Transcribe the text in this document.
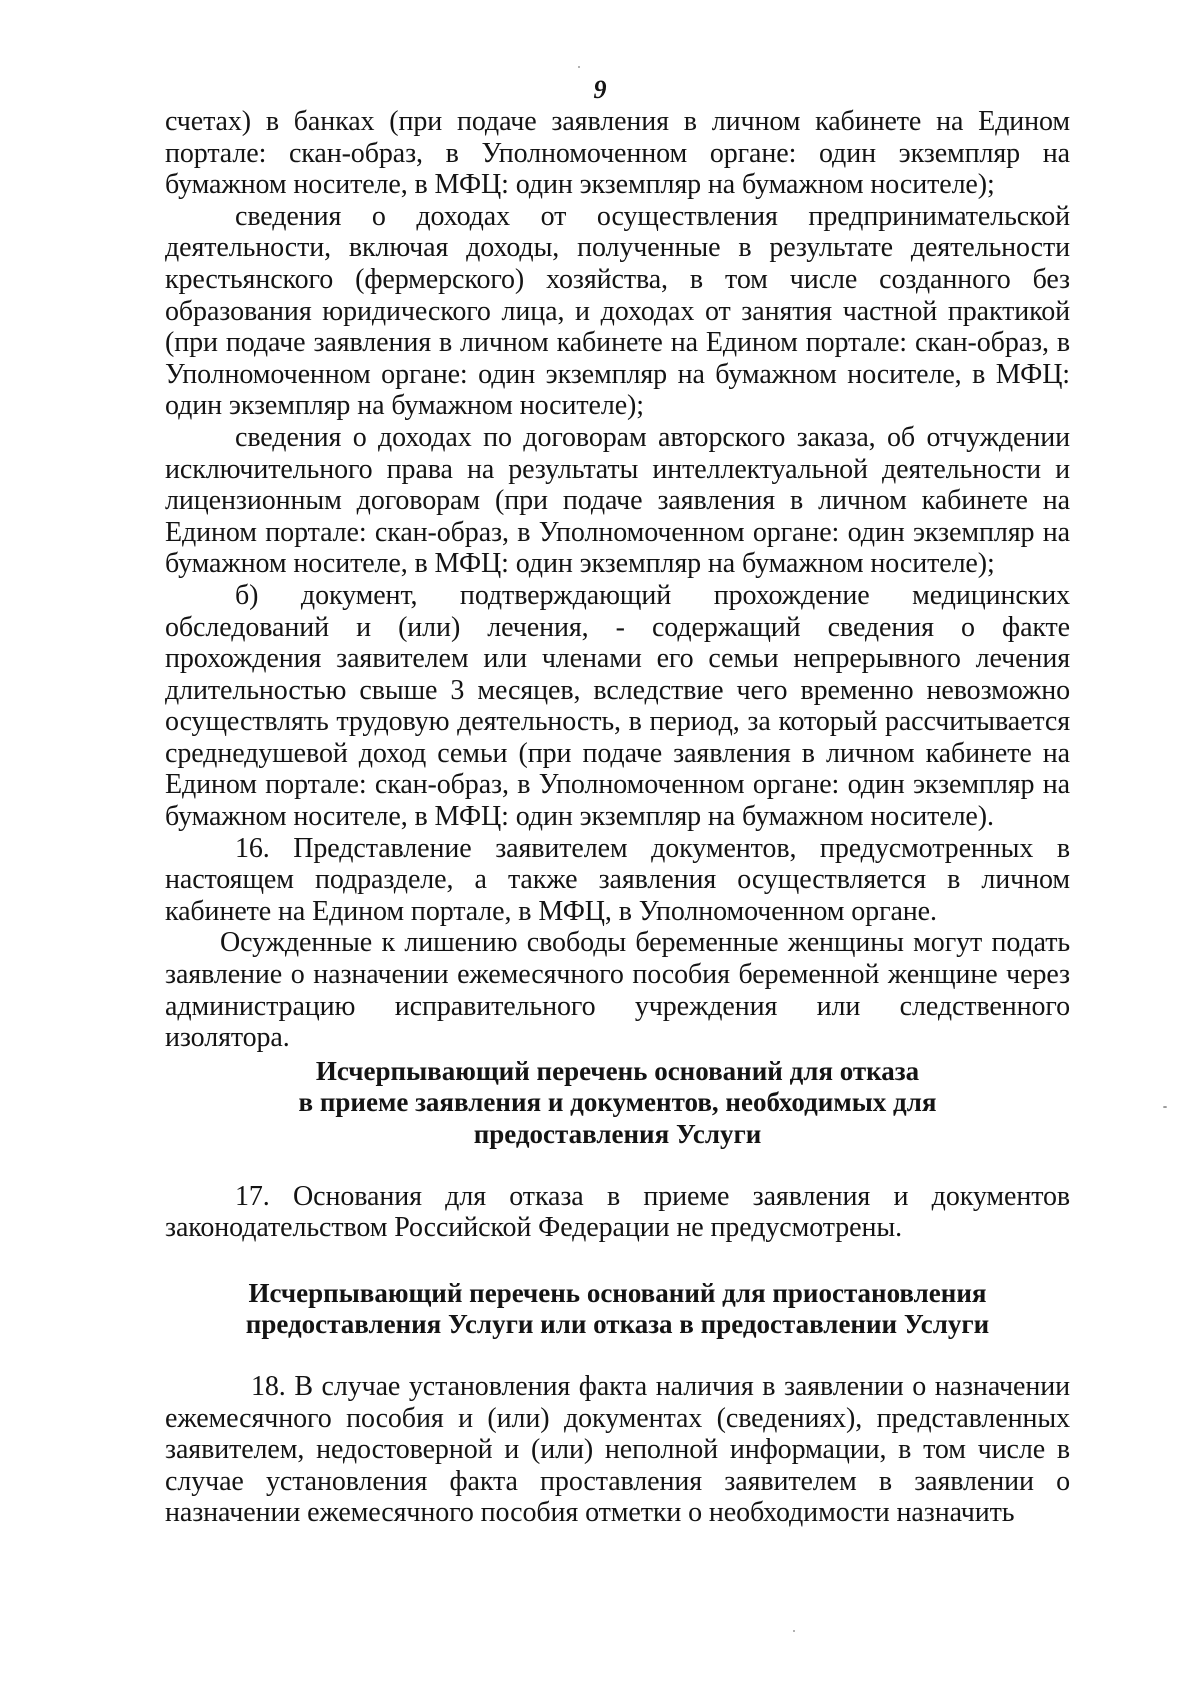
9

счетах) в банках (при подаче заявления в личном кабинете на Едином портале: скан-образ, в Уполномоченном органе: один экземпляр на бумажном носителе, в МФЦ: один экземпляр на бумажном носителе);

сведения о доходах от осуществления предпринимательской деятельности, включая доходы, полученные в результате деятельности крестьянского (фермерского) хозяйства, в том числе созданного без образования юридического лица, и доходах от занятия частной практикой (при подаче заявления в личном кабинете на Едином портале: скан-образ, в Уполномоченном органе: один экземпляр на бумажном носителе, в МФЦ: один экземпляр на бумажном носителе);

сведения о доходах по договорам авторского заказа, об отчуждении исключительного права на результаты интеллектуальной деятельности и лицензионным договорам (при подаче заявления в личном кабинете на Едином портале: скан-образ, в Уполномоченном органе: один экземпляр на бумажном носителе, в МФЦ: один экземпляр на бумажном носителе);

б) документ, подтверждающий прохождение медицинских обследований и (или) лечения, - содержащий сведения о факте прохождения заявителем или членами его семьи непрерывного лечения длительностью свыше 3 месяцев, вследствие чего временно невозможно осуществлять трудовую деятельность, в период, за который рассчитывается среднедушевой доход семьи (при подаче заявления в личном кабинете на Едином портале: скан-образ, в Уполномоченном органе: один экземпляр на бумажном носителе, в МФЦ: один экземпляр на бумажном носителе).

16. Представление заявителем документов, предусмотренных в настоящем подразделе, а также заявления осуществляется в личном кабинете на Едином портале, в МФЦ, в Уполномоченном органе.

Осужденные к лишению свободы беременные женщины могут подать заявление о назначении ежемесячного пособия беременной женщине через администрацию исправительного учреждения или следственного изолятора.

Исчерпывающий перечень оснований для отказа
в приеме заявления и документов, необходимых для
предоставления Услуги

17. Основания для отказа в приеме заявления и документов законодательством Российской Федерации не предусмотрены.

Исчерпывающий перечень оснований для приостановления
предоставления Услуги или отказа в предоставлении Услуги

18. В случае установления факта наличия в заявлении о назначении ежемесячного пособия и (или) документах (сведениях), представленных заявителем, недостоверной и (или) неполной информации, в том числе в случае установления факта проставления заявителем в заявлении о назначении ежемесячного пособия отметки о необходимости назначить
